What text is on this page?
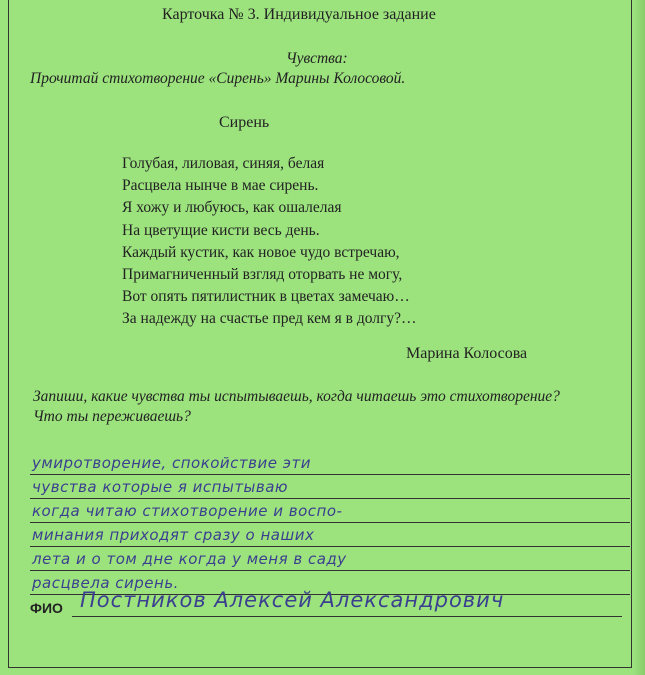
Карточка № 3. Индивидуальное задание
Чувства:
Прочитай стихотворение «Сирень» Марины Колосовой.
Сирень
Голубая, лиловая, синяя, белая
Расцвела нынче в мае сирень.
Я хожу и любуюсь, как ошалелая
На цветущие кисти весь день.
Каждый кустик, как новое чудо встречаю,
Примагниченный взгляд оторвать не могу,
Вот опять пятилистник в цветах замечаю…
За надежду на счастье пред кем я в долгу?…
Марина Колосова
Запиши, какие чувства ты испытываешь, когда читаешь это стихотворение? Что ты переживаешь?
умиротворение, спокойствие эти
чувства которые я испытываю
когда читаю стихотворение и воспо-
минания приходят сразу о наших
лета и о том дне когда у меня в саду
расцвела сирень.
ФИО Постников Алексей Александрович
